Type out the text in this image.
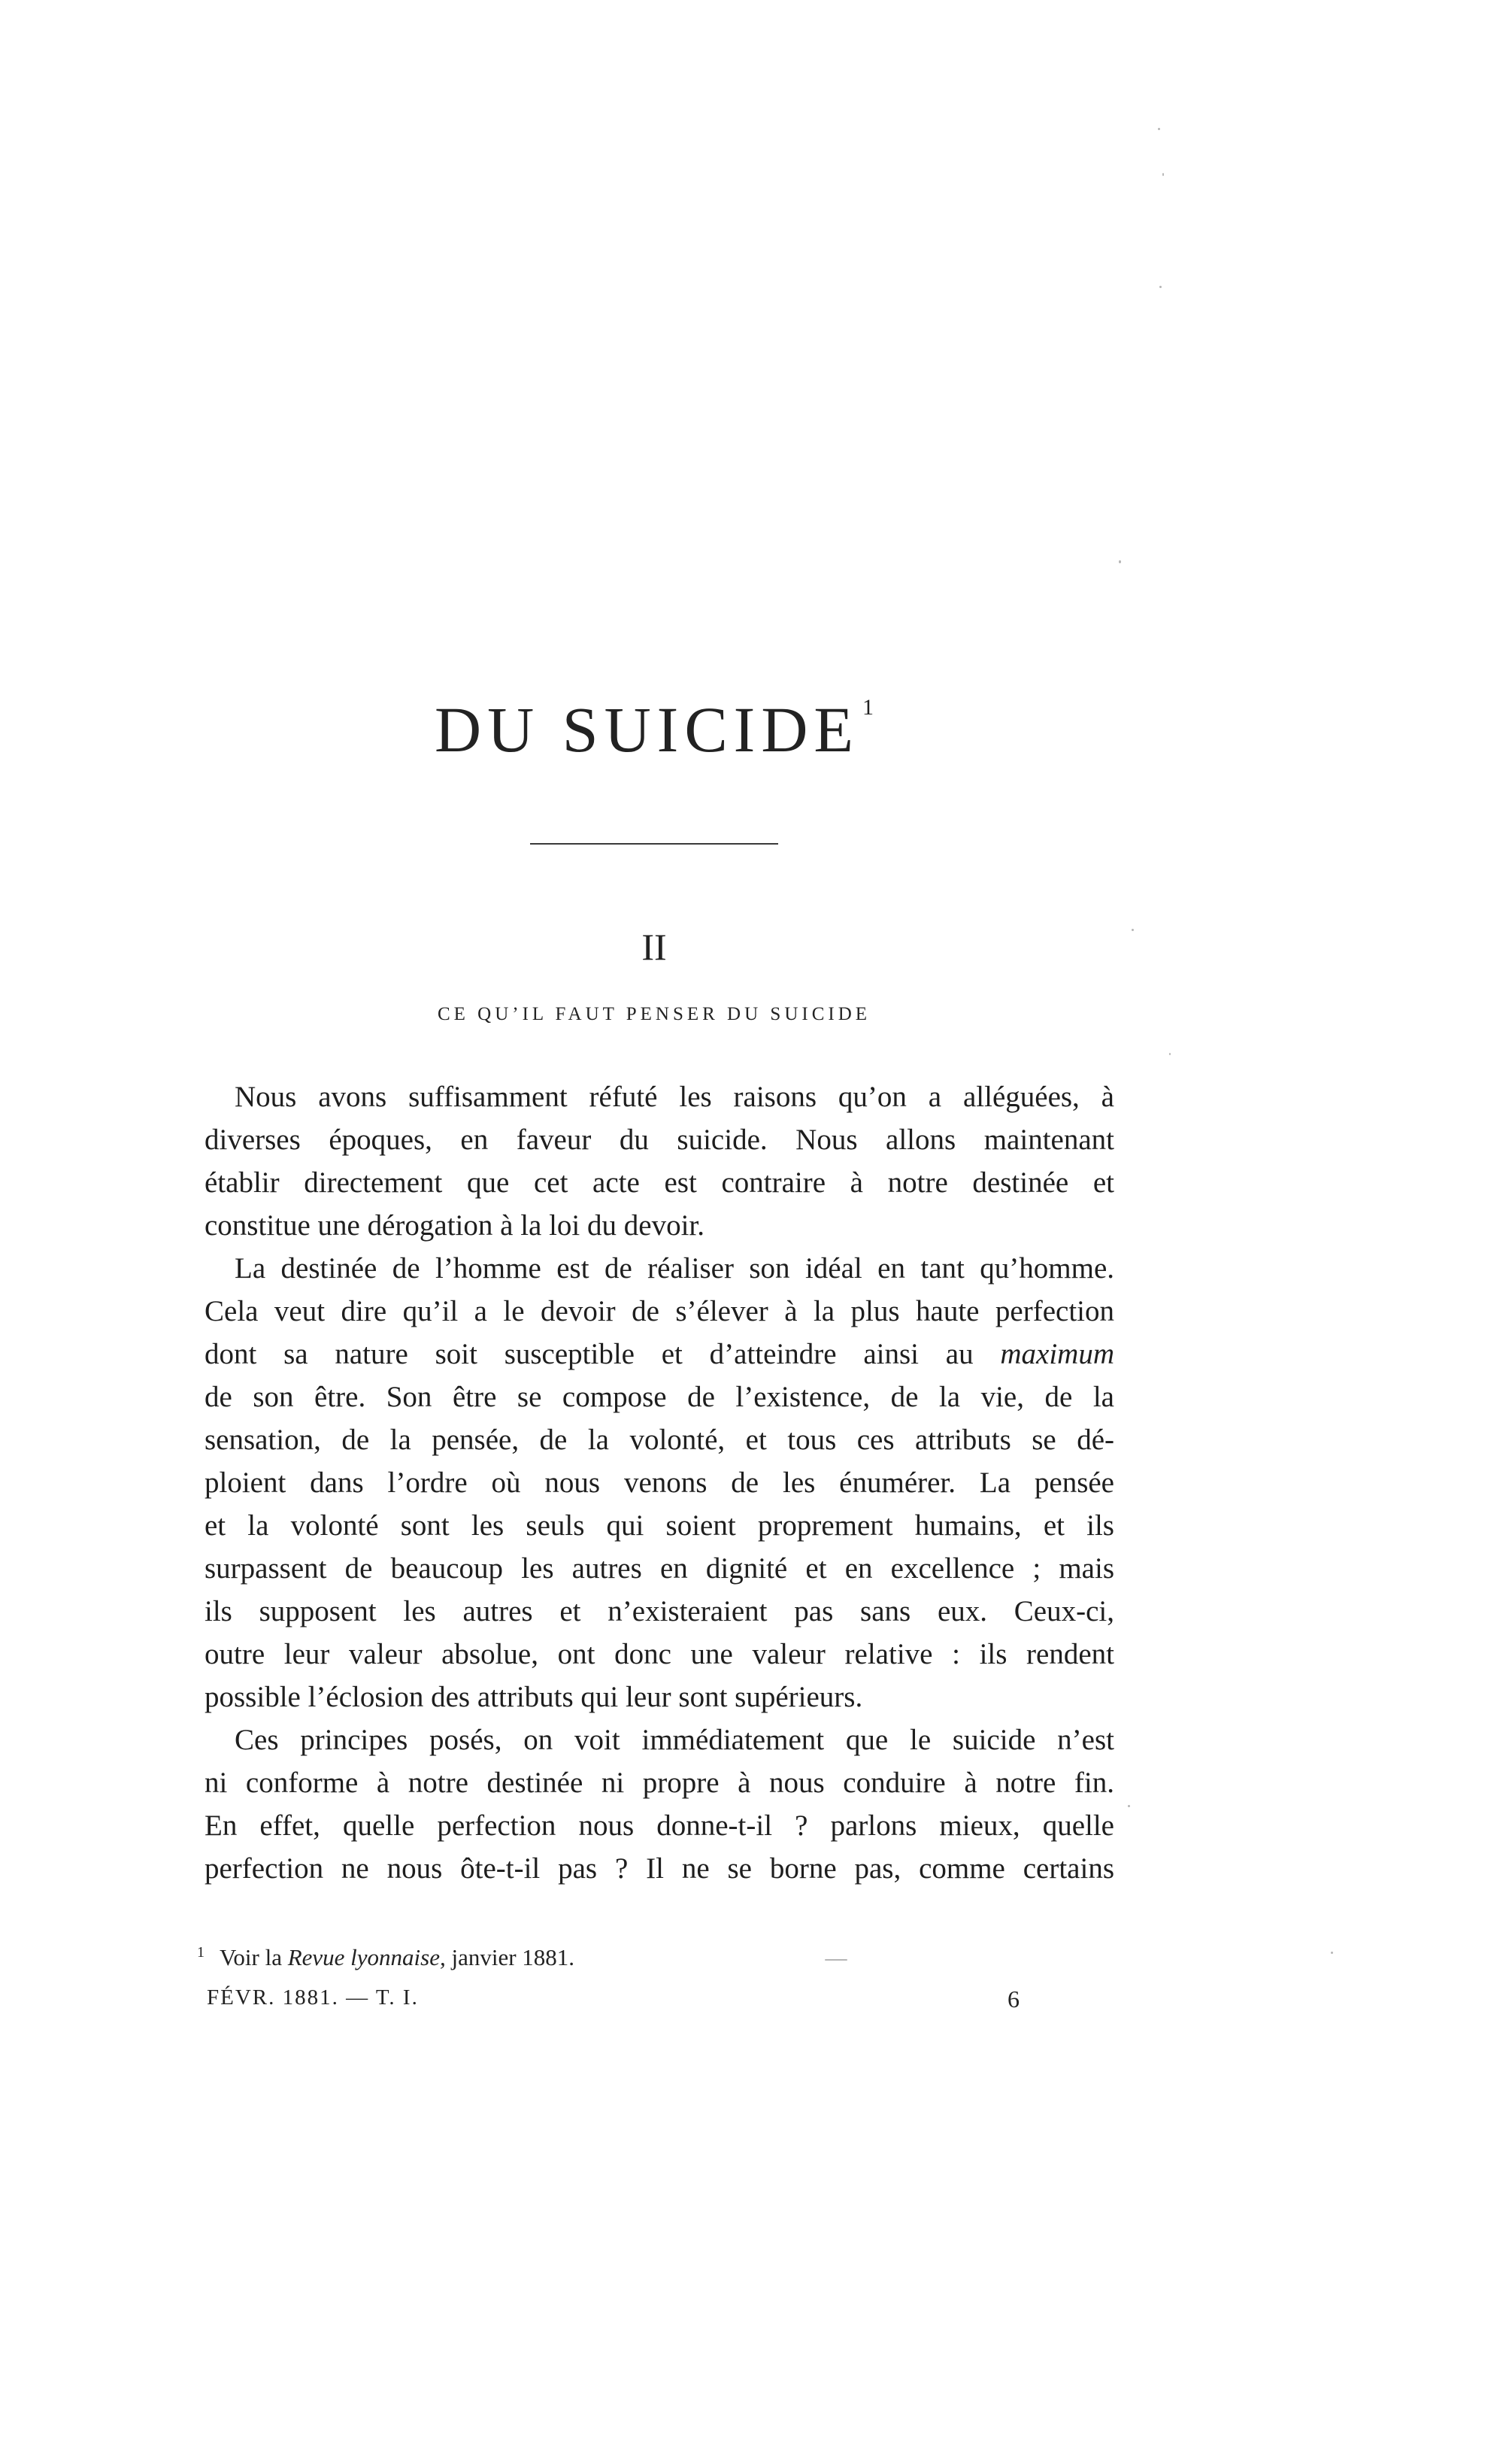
DU SUICIDE $^1$
II
CE QU’IL FAUT PENSER DU SUICIDE
Nous avons suffisamment réfuté les raisons qu’on a alléguées, à
diverses époques, en faveur du suicide. Nous allons maintenant
établir directement que cet acte est contraire à notre destinée et
constitue une dérogation à la loi du devoir.
La destinée de l’homme est de réaliser son idéal en tant qu’homme.
Cela veut dire qu’il a le devoir de s’élever à la plus haute perfection
dont sa nature soit susceptible et d’atteindre ainsi au maximum
de son être. Son être se compose de l’existence, de la vie, de la
sensation, de la pensée, de la volonté, et tous ces attributs se dé-
ploient dans l’ordre où nous venons de les énumérer. La pensée
et la volonté sont les seuls qui soient proprement humains, et ils
surpassent de beaucoup les autres en dignité et en excellence ; mais
ils supposent les autres et n’existeraient pas sans eux. Ceux-ci,
outre leur valeur absolue, ont donc une valeur relative : ils rendent
possible l’éclosion des attributs qui leur sont supérieurs.
Ces principes posés, on voit immédiatement que le suicide n’est
ni conforme à notre destinée ni propre à nous conduire à notre fin.
En effet, quelle perfection nous donne-t-il ? parlons mieux, quelle
perfection ne nous ôte-t-il pas ? Il ne se borne pas, comme certains
$^1$ Voir la Revue lyonnaise, janvier 1881.
FÉVR. 1881. — T. I.	6
